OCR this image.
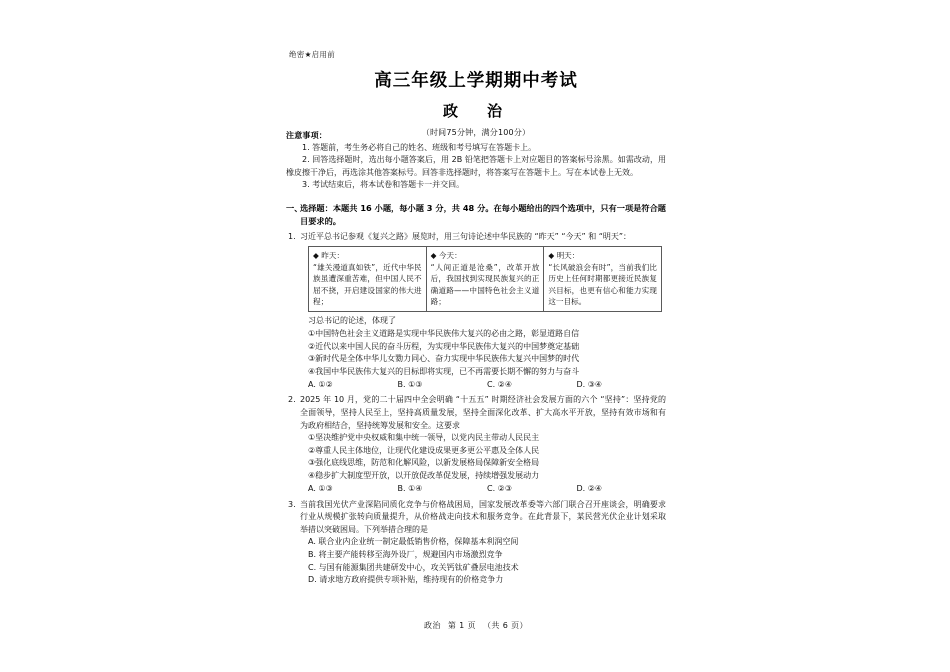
绝密★启用前
高三年级上学期期中考试
政　治
（时间75分钟，满分100分）
注意事项：

1. 答题前，考生务必将自己的姓名、班级和考号填写在答题卡上。

2. 回答选择题时，选出每小题答案后，用 2B 铅笔把答题卡上对应题目的答案标号涂黑。如需改动，用橡皮擦干净后，再选涂其他答案标号。回答非选择题时，将答案写在答题卡上。写在本试卷上无效。

3. 考试结束后，将本试卷和答题卡一并交回。

一、
选择题：本题共 16 小题，每小题 3 分，共 48 分。在每小题给出的四个选项中，只有一项是符合题目要求的。

1. 习近平总书记参观《复兴之路》展览时，用三句诗论述中华民族的 “昨天” “今天” 和 “明天”：

◆ 昨天：
“雄关漫道真如铁”，近代中华民族虽遭深重苦难，但中国人民不屈不挠，开启建设国家的伟大进程；	
◆ 今天：
“人间正道是沧桑”，改革开放后，我国找到实现民族复兴的正确道路——中国特色社会主义道路；	
◆ 明天：
“长风破浪会有时”，当前我们比历史上任何时期都更接近民族复兴目标，也更有信心和能力实现这一目标。

习总书记的论述，体现了

①中国特色社会主义道路是实现中华民族伟大复兴的必由之路，彰显道路自信

②近代以来中国人民的奋斗历程，为实现中华民族伟大复兴的中国梦奠定基础

③新时代是全体中华儿女勠力同心、奋力实现中华民族伟大复兴中国梦的时代

④我国中华民族伟大复兴的目标即将实现，已不再需要长期不懈的努力与奋斗

A. ①②	B. ①③	C. ②④	D. ③④

2. 2025 年 10 月，党的二十届四中全会明确 “十五五” 时期经济社会发展方面的六个 “坚持”：坚持党的全面领导，坚持人民至上，坚持高质量发展，坚持全面深化改革、扩大高水平开放，坚持有效市场和有为政府相结合，坚持统筹发展和安全。这要求

①坚决维护党中央权威和集中统一领导，以党内民主带动人民民主

②尊重人民主体地位，让现代化建设成果更多更公平惠及全体人民

③强化底线思维，防范和化解风险，以新发展格局保障新安全格局

④稳步扩大制度型开放，以开放促改革促发展，持续增强发展动力

A. ①③	B. ①④	C. ②③	D. ②④

3. 当前我国光伏产业深陷同质化竞争与价格战困局，国家发展改革委等六部门联合召开座谈会，明确要求行业从规模扩张转向质量提升，从价格战走向技术和服务竞争。在此背景下，某民营光伏企业计划采取举措以突破困局。下列举措合理的是

A. 联合业内企业统一制定最低销售价格，保障基本利润空间

B. 将主要产能转移至海外设厂，规避国内市场激烈竞争

C. 与国有能源集团共建研发中心，攻关钙钛矿叠层电池技术

D. 请求地方政府提供专项补贴，维持现有的价格竞争力

政治 第 1 页 （共 6 页）
